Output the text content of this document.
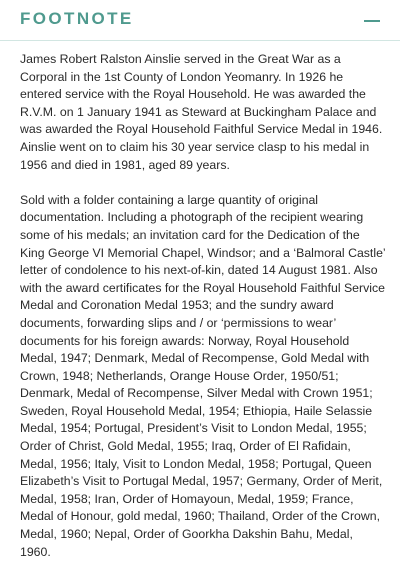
FOOTNOTE

James Robert Ralston Ainslie served in the Great War as a Corporal in the 1st County of London Yeomanry. In 1926 he entered service with the Royal Household. He was awarded the R.V.M. on 1 January 1941 as Steward at Buckingham Palace and was awarded the Royal Household Faithful Service Medal in 1946. Ainslie went on to claim his 30 year service clasp to his medal in 1956 and died in 1981, aged 89 years.

Sold with a folder containing a large quantity of original documentation. Including a photograph of the recipient wearing some of his medals; an invitation card for the Dedication of the King George VI Memorial Chapel, Windsor; and a ‘Balmoral Castle’ letter of condolence to his next-of-kin, dated 14 August 1981. Also with the award certificates for the Royal Household Faithful Service Medal and Coronation Medal 1953; and the sundry award documents, forwarding slips and / or ‘permissions to wear’ documents for his foreign awards: Norway, Royal Household Medal, 1947; Denmark, Medal of Recompense, Gold Medal with Crown, 1948; Netherlands, Orange House Order, 1950/51; Denmark, Medal of Recompense, Silver Medal with Crown 1951; Sweden, Royal Household Medal, 1954; Ethiopia, Haile Selassie Medal, 1954; Portugal, President’s Visit to London Medal, 1955; Order of Christ, Gold Medal, 1955; Iraq, Order of El Rafidain, Medal, 1956; Italy, Visit to London Medal, 1958; Portugal, Queen Elizabeth’s Visit to Portugal Medal, 1957; Germany, Order of Merit, Medal, 1958; Iran, Order of Homayoun, Medal, 1959; France, Medal of Honour, gold medal, 1960; Thailand, Order of the Crown, Medal, 1960; Nepal, Order of Goorkha Dakshin Bahu, Medal, 1960.
